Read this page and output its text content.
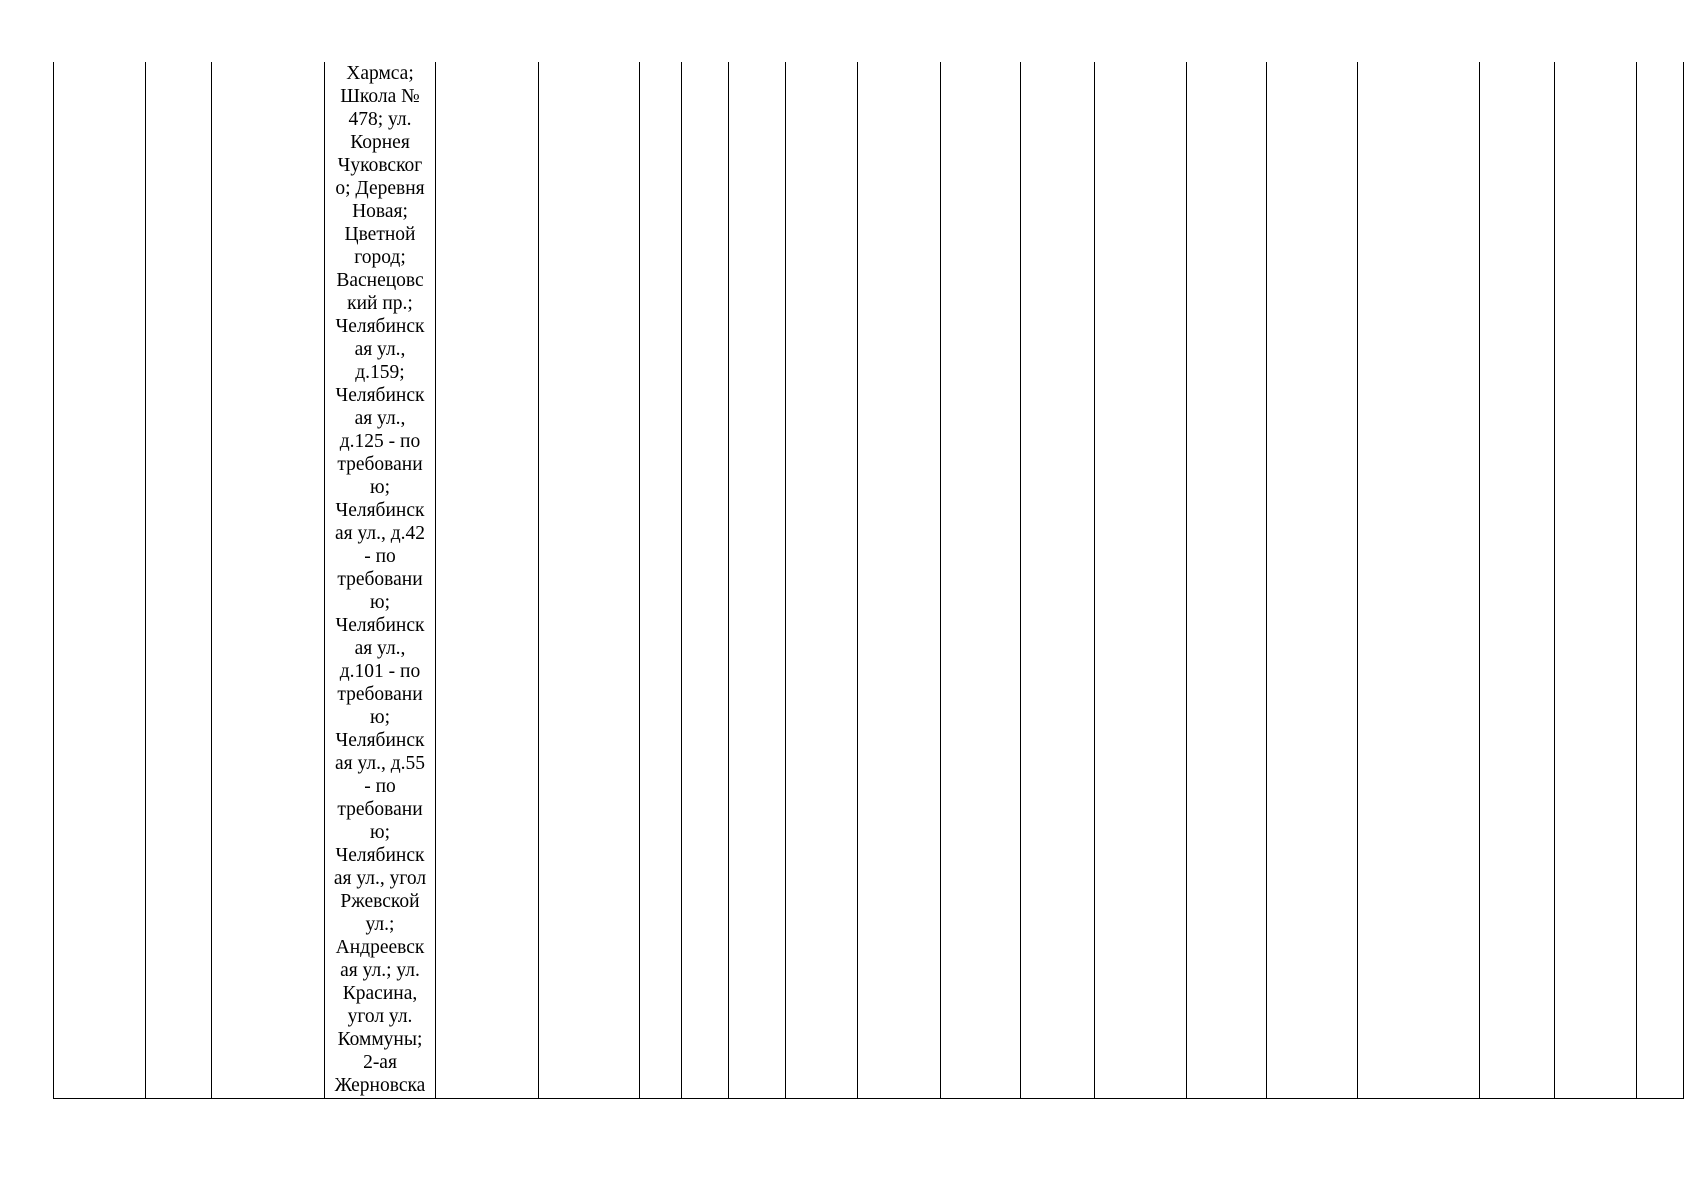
Хармса;
Школа №
478; ул.
Корнея
Чуковског
о; Деревня
Новая;
Цветной
город;
Васнецовс
кий пр.;
Челябинск
ая ул.,
д.159;
Челябинск
ая ул.,
д.125 - по
требовани
ю;
Челябинск
ая ул., д.42
- по
требовани
ю;
Челябинск
ая ул.,
д.101 - по
требовани
ю;
Челябинск
ая ул., д.55
- по
требовани
ю;
Челябинск
ая ул., угол
Ржевской
ул.;
Андреевск
ая ул.; ул.
Красина,
угол ул.
Коммуны;
2-ая
Жерновска
